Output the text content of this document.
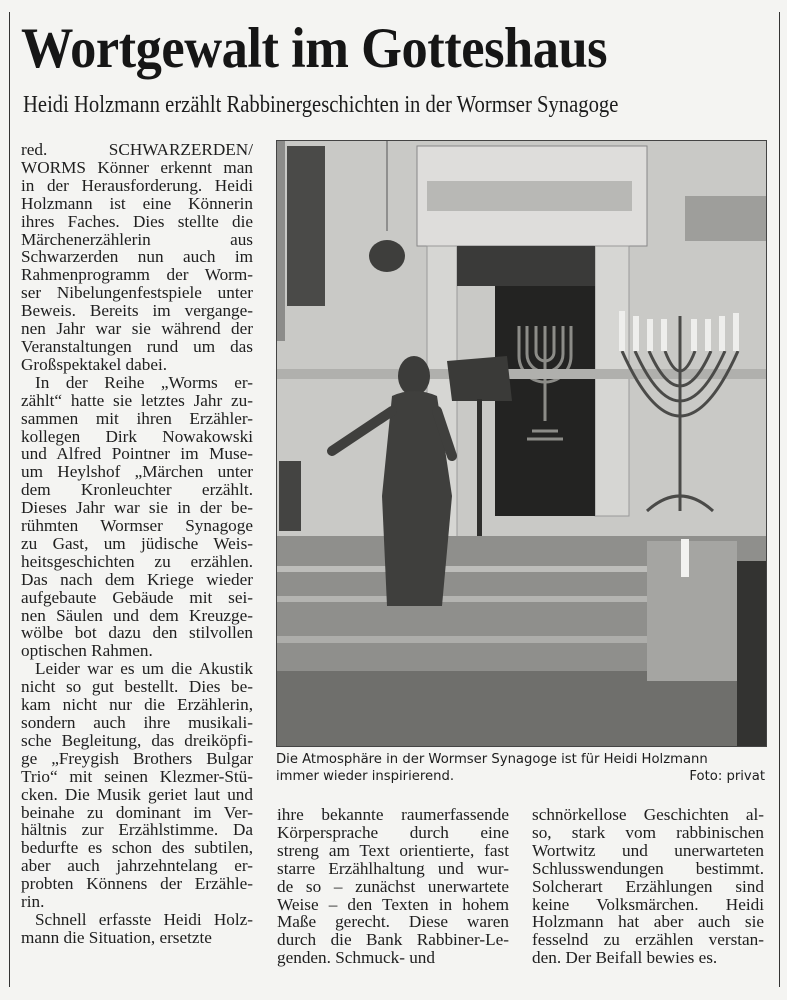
Wortgewalt im Gotteshaus
Heidi Holzmann erzählt Rabbinergeschichten in der Wormser Synagoge
red. SCHWARZERDEN/
WORMS Könner erkennt man
in der Herausforderung. Heidi
Holzmann ist eine Könnerin
ihres Faches. Dies stellte die
Märchenerzählerin aus
Schwarzerden nun auch im
Rahmenprogramm der Worm-
ser Nibelungenfestspiele unter
Beweis. Bereits im vergange-
nen Jahr war sie während der
Veranstaltungen rund um das
Großspektakel dabei.
In der Reihe „Worms er-
zählt“ hatte sie letztes Jahr zu-
sammen mit ihren Erzähler-
kollegen Dirk Nowakowski
und Alfred Pointner im Muse-
um Heylshof „Märchen unter
dem Kronleuchter erzählt.
Dieses Jahr war sie in der be-
rühmten Wormser Synagoge
zu Gast, um jüdische Weis-
heitsgeschichten zu erzählen.
Das nach dem Kriege wieder
aufgebaute Gebäude mit sei-
nen Säulen und dem Kreuzge-
wölbe bot dazu den stilvollen
optischen Rahmen.
Leider war es um die Akustik
nicht so gut bestellt. Dies be-
kam nicht nur die Erzählerin,
sondern auch ihre musikali-
sche Begleitung, das dreiköpfi-
ge „Freygish Brothers Bulgar
Trio“ mit seinen Klezmer-Stü-
cken. Die Musik geriet laut und
beinahe zu dominant im Ver-
hältnis zur Erzählstimme. Da
bedurfte es schon des subtilen,
aber auch jahrzehntelang er-
probten Könnens der Erzähle-
rin.
Schnell erfasste Heidi Holz-
mann die Situation, ersetzte
Die Atmosphäre in der Wormser Synagoge ist für Heidi Holzmann
immer wieder inspirierend.	Foto: privat
ihre bekannte raumerfassende
Körpersprache durch eine
streng am Text orientierte, fast
starre Erzählhaltung und wur-
de so – zunächst unerwartete
Weise – den Texten in hohem
Maße gerecht. Diese waren
durch die Bank Rabbiner-Le-
genden. Schmuck- und
schnörkellose Geschichten al-
so, stark vom rabbinischen
Wortwitz und unerwarteten
Schlusswendungen bestimmt.
Solcherart Erzählungen sind
keine Volksmärchen. Heidi
Holzmann hat aber auch sie
fesselnd zu erzählen verstan-
den. Der Beifall bewies es.
